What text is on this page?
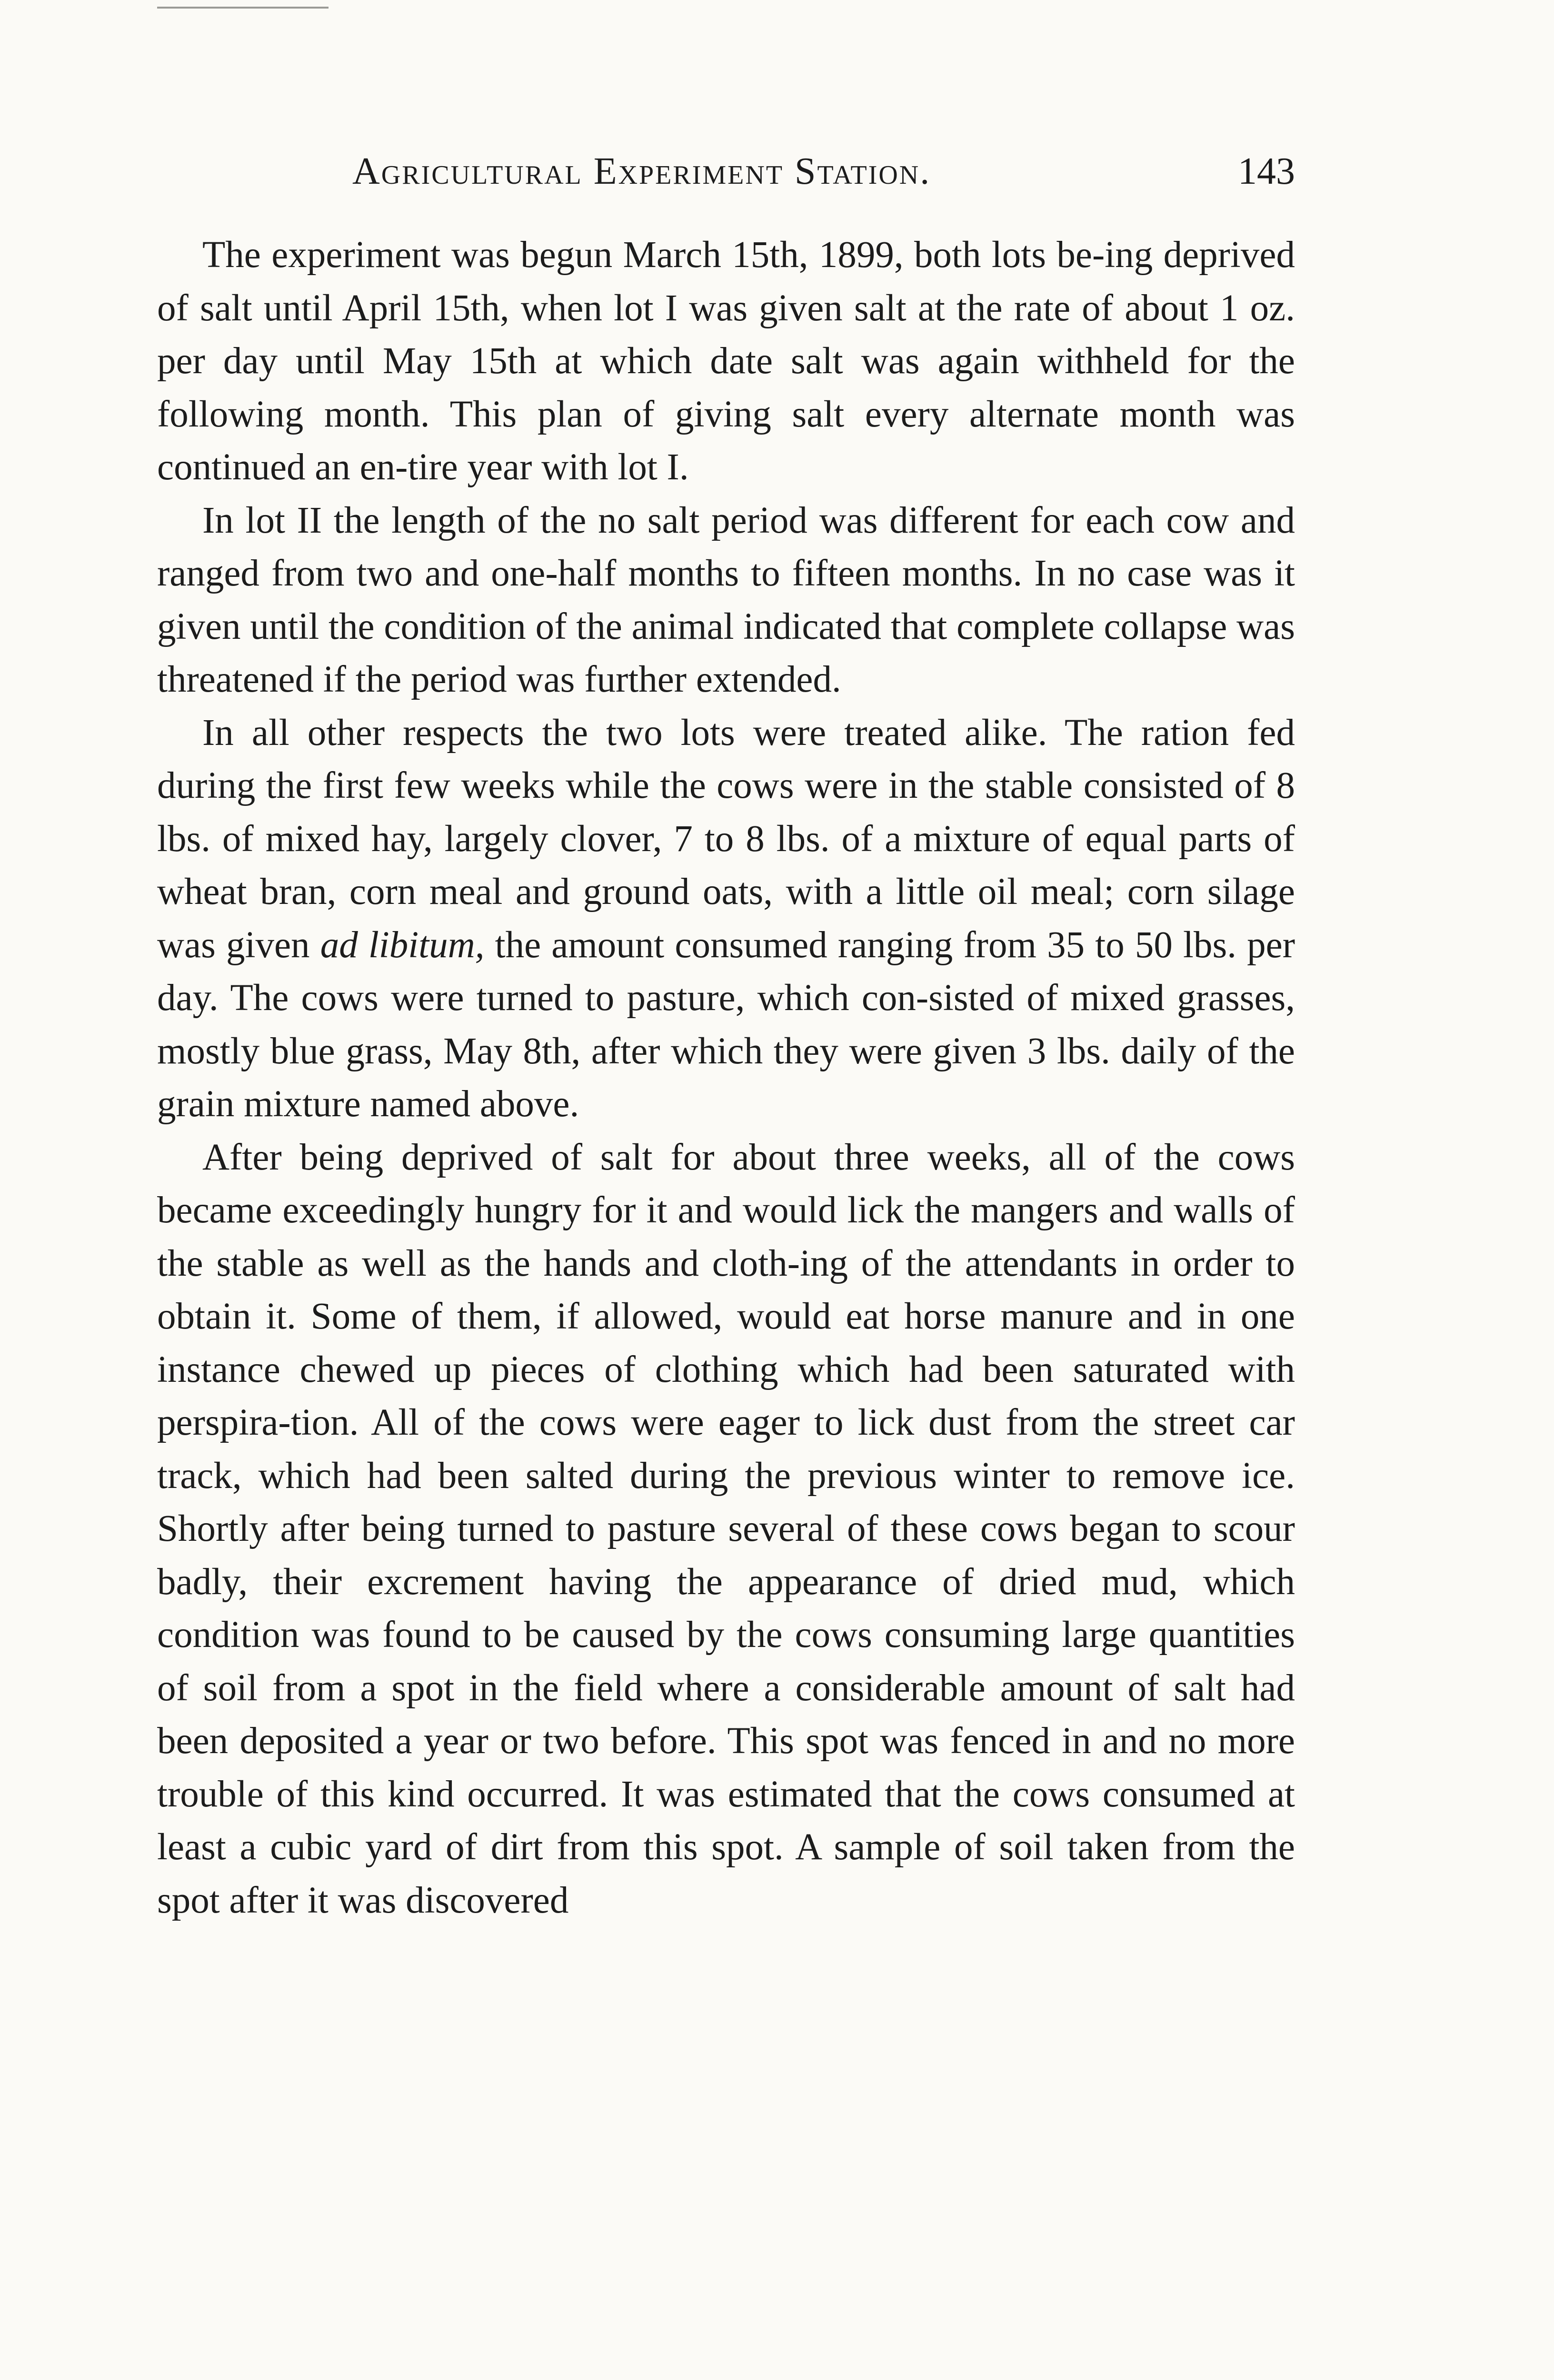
Agricultural Experiment Station.	143

The experiment was begun March 15th, 1899, both lots be-ing deprived of salt until April 15th, when lot I was given salt at the rate of about 1 oz. per day until May 15th at which date salt was again withheld for the following month. This plan of giving salt every alternate month was continued an en-tire year with lot I.

In lot II the length of the no salt period was different for each cow and ranged from two and one-half months to fifteen months. In no case was it given until the condition of the animal indicated that complete collapse was threatened if the period was further extended.

In all other respects the two lots were treated alike. The ration fed during the first few weeks while the cows were in the stable consisted of 8 lbs. of mixed hay, largely clover, 7 to 8 lbs. of a mixture of equal parts of wheat bran, corn meal and ground oats, with a little oil meal; corn silage was given ad libitum, the amount consumed ranging from 35 to 50 lbs. per day. The cows were turned to pasture, which con-sisted of mixed grasses, mostly blue grass, May 8th, after which they were given 3 lbs. daily of the grain mixture named above.

After being deprived of salt for about three weeks, all of the cows became exceedingly hungry for it and would lick the mangers and walls of the stable as well as the hands and cloth-ing of the attendants in order to obtain it. Some of them, if allowed, would eat horse manure and in one instance chewed up pieces of clothing which had been saturated with perspira-tion. All of the cows were eager to lick dust from the street car track, which had been salted during the previous winter to remove ice. Shortly after being turned to pasture several of these cows began to scour badly, their excrement having the appearance of dried mud, which condition was found to be caused by the cows consuming large quantities of soil from a spot in the field where a considerable amount of salt had been deposited a year or two before. This spot was fenced in and no more trouble of this kind occurred. It was estimated that the cows consumed at least a cubic yard of dirt from this spot. A sample of soil taken from the spot after it was discovered
